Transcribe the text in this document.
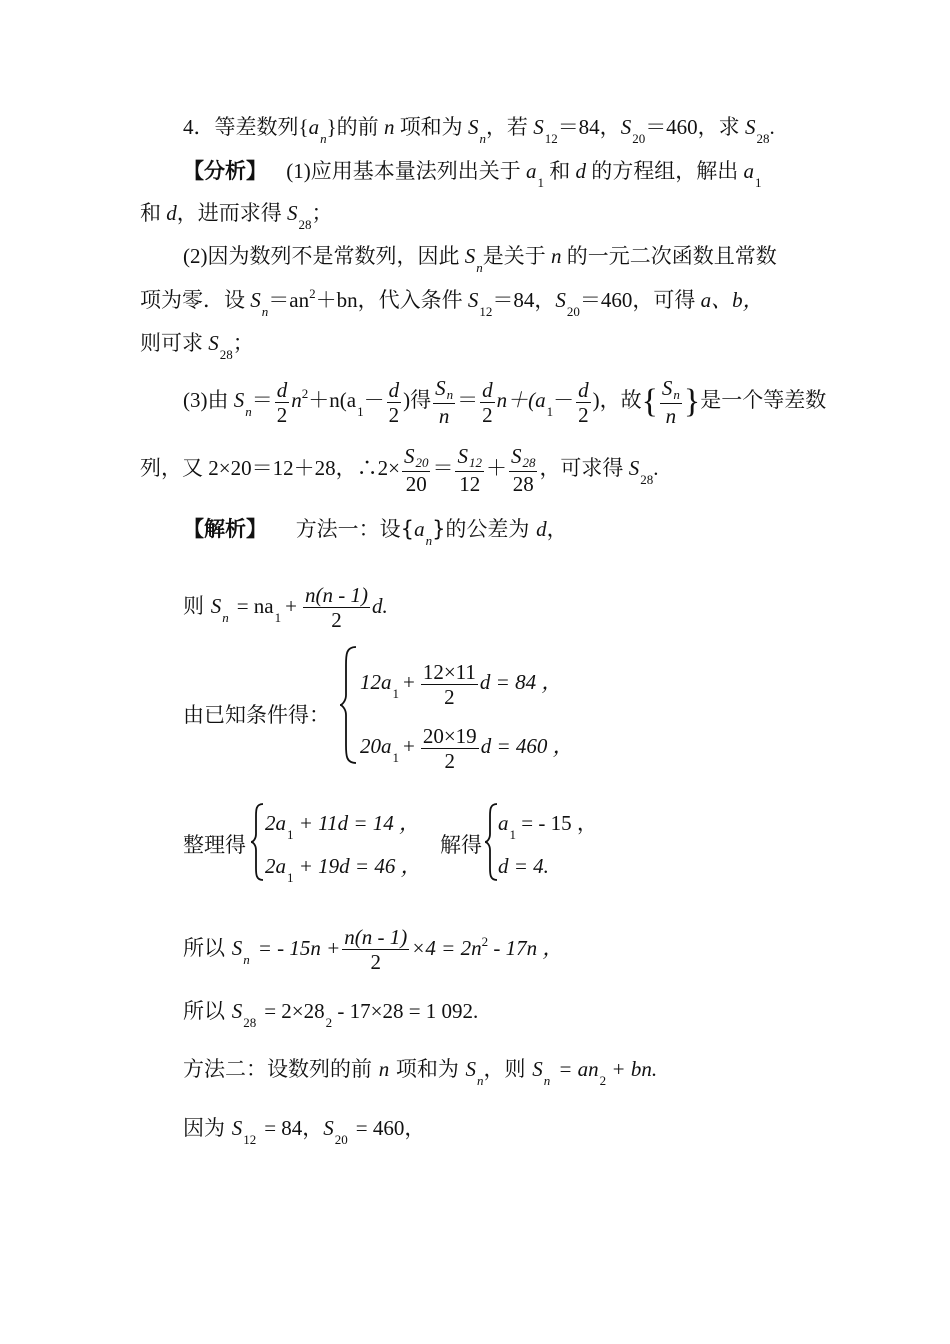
4．等差数列$\{a_n\}$的前 n 项和为 $S_n$，若 $S_{12}=84$，$S_{20}=460$，求 $S_{28}$.
【分析】 (1)应用基本量法列出关于 $a_1$ 和 d 的方程组，解出 $a_1$
和 d，进而求得 $S_{28}$；
(2)因为数列不是常数列，因此 $S_n$是关于 n 的一元二次函数且常数
项为零．设 $S_n=an^2+bn$，代入条件 $S_{12}=84$，$S_{20}=460$，可得 a、b，
则可求 $S_{28}$；
(3)由 $S_n= \frac{d}{2} n^2+n(a_1- \frac{d}{2}$ )得 $\frac{Sn}{n} = \frac{d}{2} n+(a_1- \frac{d}{2}$ )，故{ $\frac{Sn}{n}$ }是一个等差数
列，又 2×20＝12＋28，∴2× $\frac{S20}{20} = \frac{S12}{12} + \frac{S28}{28}$ ，可求得 $S_{28}$.
【解析】 方法一：设$\{a_n\}$的公差为 d，
则 $S_n = na_1 + \frac{n(n - 1)}{2} d$.
由已知条件得：
$12a_1 + \frac{12\times 11}{2}$ d = 84 ，
$20a_1 + \frac{20\times 19}{2}$ d = 460 ，
整理得
$2a_1 + 11d = 14$ ，
$2a_1 + 19d = 46$ ，
解得
$a_1$ = - 15 ，
d = 4.
所以 $S_n$ = - $15n + \frac{n(n - 1)}{2} \times 4 = 2n^2 - 17n$ ，
所以 $S_{28} = 2\times 28_2 - 17\times 28 = 1$ 092.
方法二：设数列的前 n 项和为 $S_n$，则 $S_n = an_2$ + bn.
因为 $S_{12} = 84$，$S_{20} = 460$，
